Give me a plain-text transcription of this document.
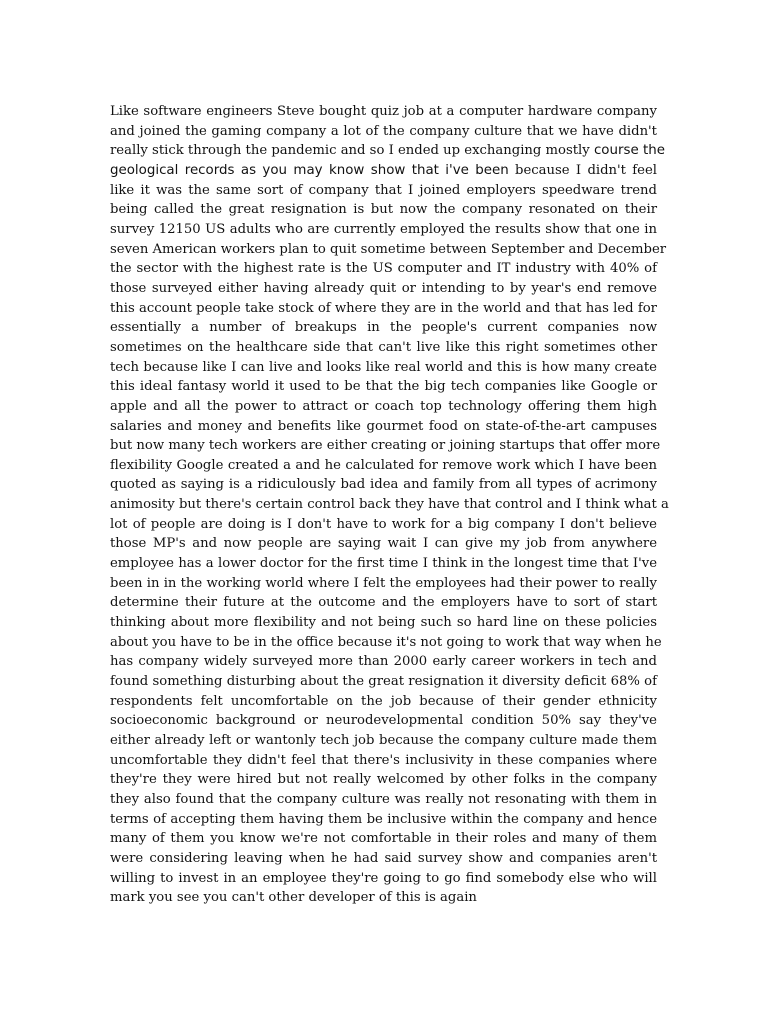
Like software engineers Steve bought quiz job at a computer hardware company
and joined the gaming company a lot of the company culture that we have didn't
really stick through the pandemic and so I ended up exchanging mostly course the
geological records as you may know show that i've been because I didn't feel
like it was the same sort of company that I joined employers speedware trend
being called the great resignation is but now the company resonated on their
survey 12150 US adults who are currently employed the results show that one in
seven American workers plan to quit sometime between September and December
the sector with the highest rate is the US computer and IT industry with 40% of
those surveyed either having already quit or intending to by year's end remove
this account people take stock of where they are in the world and that has led for
essentially a number of breakups in the people's current companies now
sometimes on the healthcare side that can't live like this right sometimes other
tech because like I can live and looks like real world and this is how many create
this ideal fantasy world it used to be that the big tech companies like Google or
apple and all the power to attract or coach top technology offering them high
salaries and money and benefits like gourmet food on state-of-the-art campuses
but now many tech workers are either creating or joining startups that offer more
flexibility Google created a and he calculated for remove work which I have been
quoted as saying is a ridiculously bad idea and family from all types of acrimony
animosity but there's certain control back they have that control and I think what a
lot of people are doing is I don't have to work for a big company I don't believe
those MP's and now people are saying wait I can give my job from anywhere
employee has a lower doctor for the first time I think in the longest time that I've
been in in the working world where I felt the employees had their power to really
determine their future at the outcome and the employers have to sort of start
thinking about more flexibility and not being such so hard line on these policies
about you have to be in the office because it's not going to work that way when he
has company widely surveyed more than 2000 early career workers in tech and
found something disturbing about the great resignation it diversity deficit 68% of
respondents felt uncomfortable on the job because of their gender ethnicity
socioeconomic background or neurodevelopmental condition 50% say they've
either already left or wantonly tech job because the company culture made them
uncomfortable they didn't feel that there's inclusivity in these companies where
they're they were hired but not really welcomed by other folks in the company
they also found that the company culture was really not resonating with them in
terms of accepting them having them be inclusive within the company and hence
many of them you know we're not comfortable in their roles and many of them
were considering leaving when he had said survey show and companies aren't
willing to invest in an employee they're going to go find somebody else who will
mark you see you can't other developer of this is again
